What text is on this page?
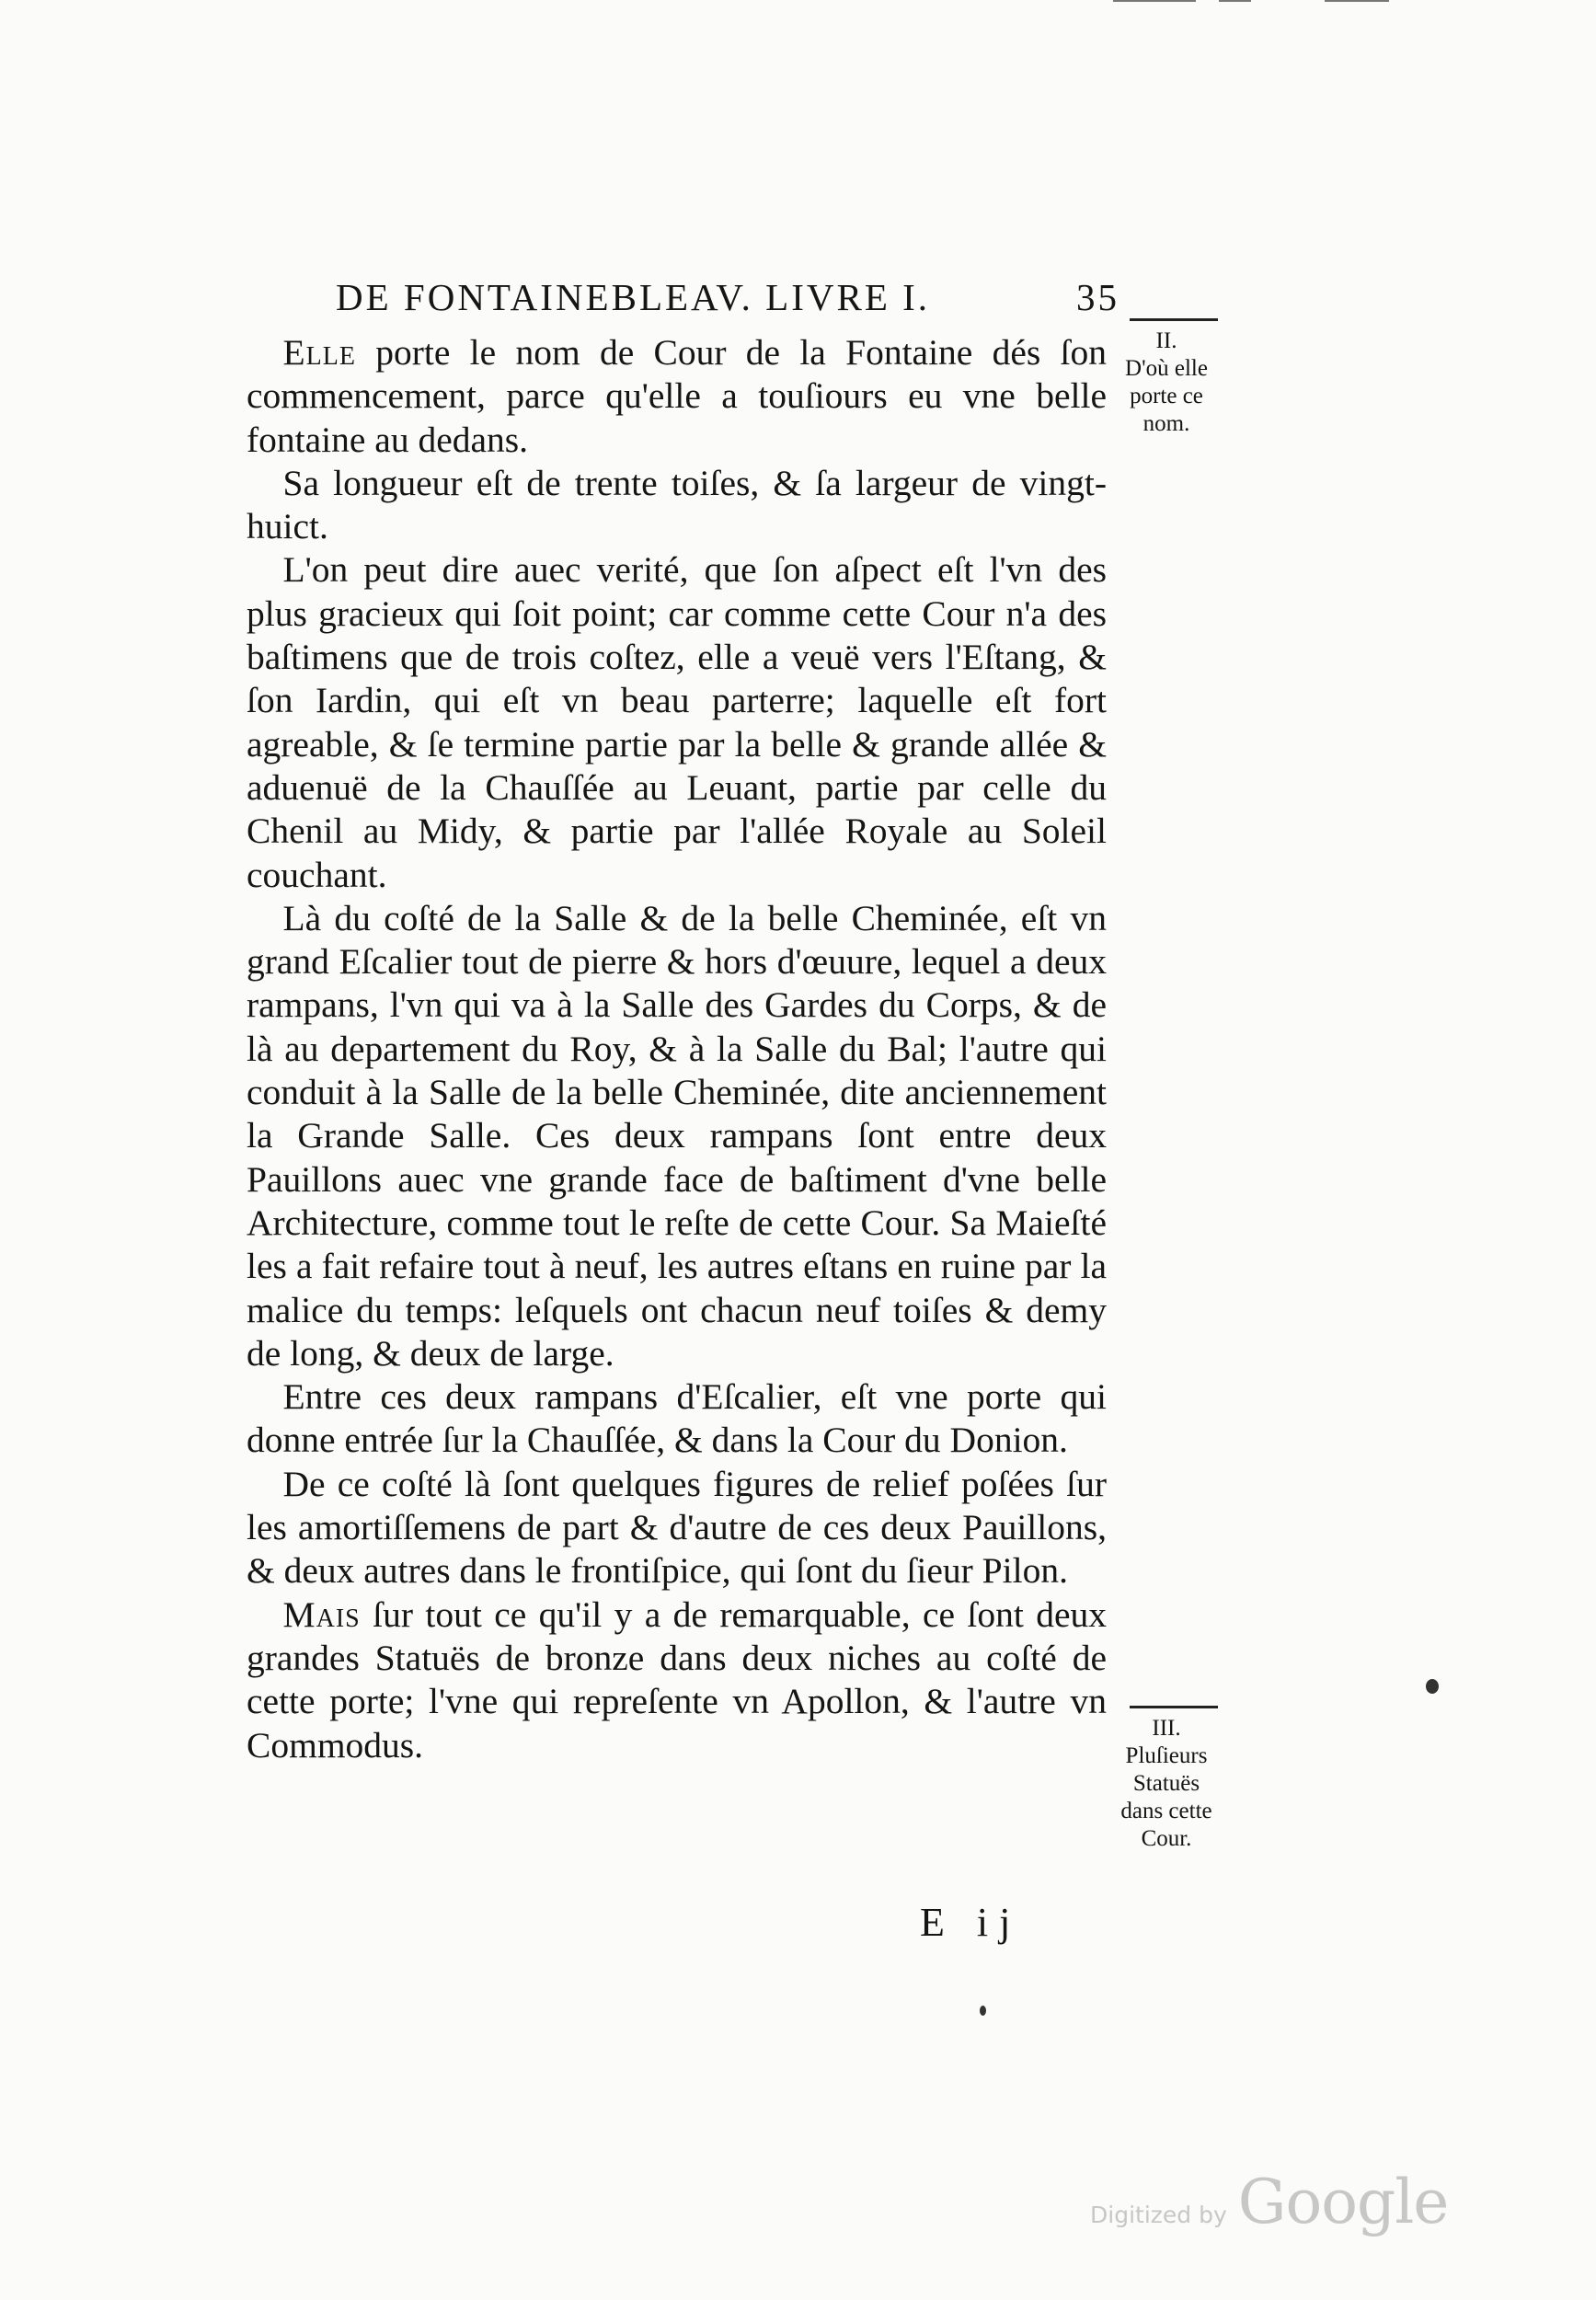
DE FONTAINEBLEAV. LIVRE I.	35

Elle porte le nom de Cour de la Fontaine dés ſon commencement, parce qu'elle a touſiours eu vne belle fontaine au dedans.

Sa longueur eſt de trente toiſes, & ſa largeur de vingt-huict.

L'on peut dire auec verité, que ſon aſpect eſt l'vn des plus gracieux qui ſoit point; car comme cette Cour n'a des baſtimens que de trois coſtez, elle a veuë vers l'Eſtang, & ſon Iardin, qui eſt vn beau parterre; laquelle eſt fort agreable, & ſe termine partie par la belle & grande allée & aduenuë de la Chauſſée au Leuant, partie par celle du Chenil au Midy, & partie par l'allée Royale au Soleil couchant.

Là du coſté de la Salle & de la belle Cheminée, eſt vn grand Eſcalier tout de pierre & hors d'œuure, lequel a deux rampans, l'vn qui va à la Salle des Gardes du Corps, & de là au departement du Roy, & à la Salle du Bal; l'autre qui conduit à la Salle de la belle Cheminée, dite anciennement la Grande Salle. Ces deux rampans ſont entre deux Pauillons auec vne grande face de baſtiment d'vne belle Architecture, comme tout le reſte de cette Cour. Sa Maieſté les a fait refaire tout à neuf, les autres eſtans en ruine par la malice du temps: leſquels ont chacun neuf toiſes & demy de long, & deux de large.

Entre ces deux rampans d'Eſcalier, eſt vne porte qui donne entrée ſur la Chauſſée, & dans la Cour du Donion.

De ce coſté là ſont quelques figures de relief poſées ſur les amortiſſemens de part & d'autre de ces deux Pauillons, & deux autres dans le frontiſpice, qui ſont du ſieur Pilon.

Mais ſur tout ce qu'il y a de remarquable, ce ſont deux grandes Statuës de bronze dans deux niches au coſté de cette porte; l'vne qui repreſente vn Apollon, & l'autre vn Commodus.

II.
D'où elle
porte ce
nom.
III.
Pluſieurs
Statuës
dans cette
Cour.
E ij
Digitized by Google
